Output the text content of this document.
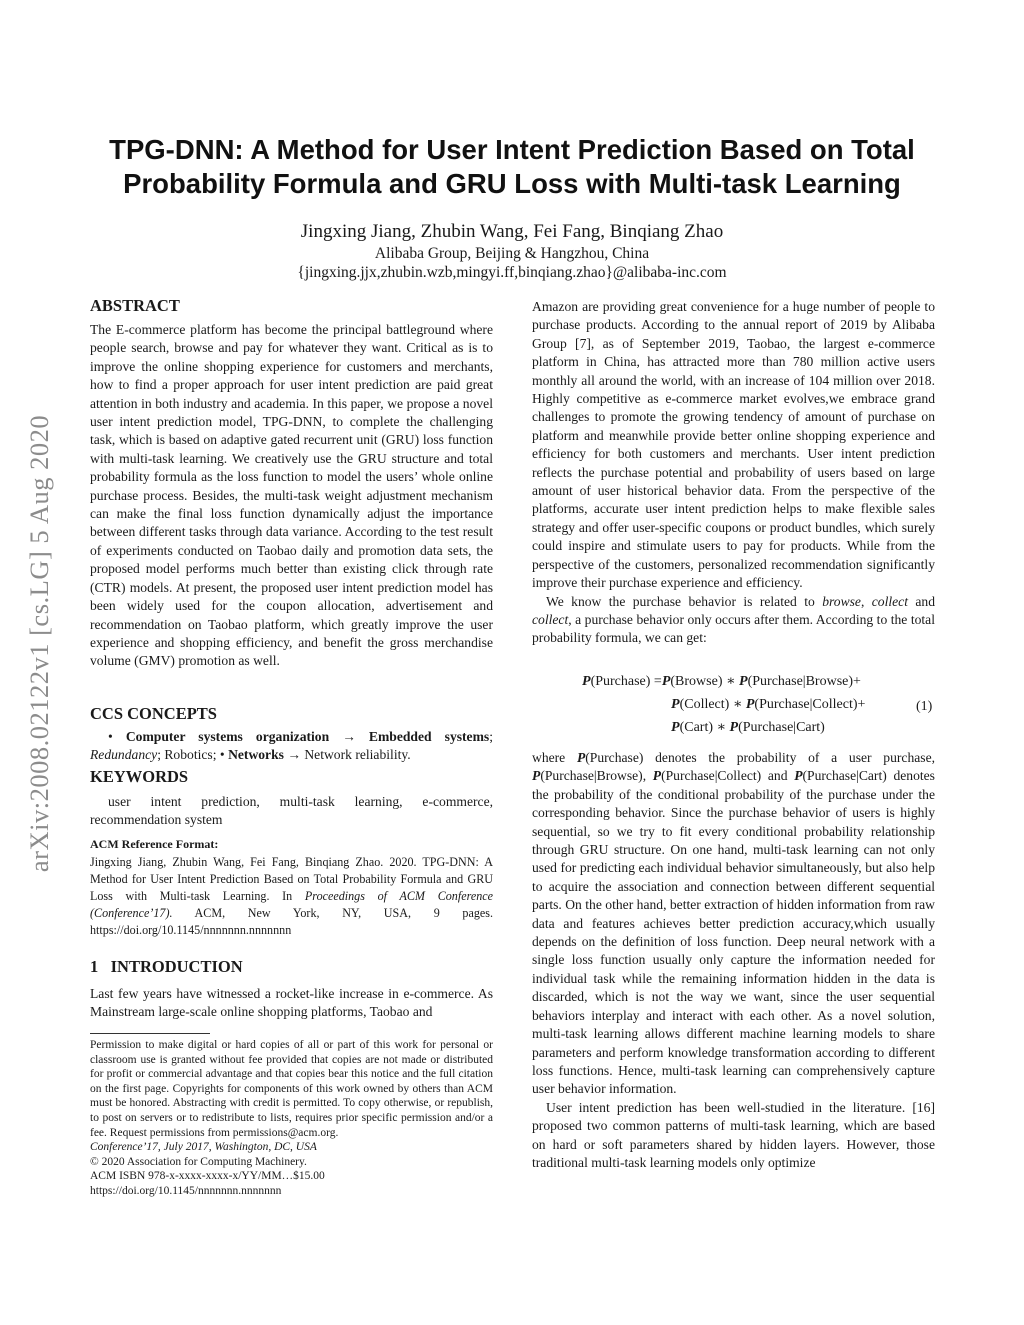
arXiv:2008.02122v1 [cs.LG] 5 Aug 2020
TPG-DNN: A Method for User Intent Prediction Based on Total Probability Formula and GRU Loss with Multi-task Learning
Jingxing Jiang, Zhubin Wang, Fei Fang, Binqiang Zhao
Alibaba Group, Beijing & Hangzhou, China
{jingxing.jjx,zhubin.wzb,mingyi.ff,binqiang.zhao}@alibaba-inc.com
ABSTRACT

The E-commerce platform has become the principal battleground where people search, browse and pay for whatever they want. Critical as is to improve the online shopping experience for customers and merchants, how to find a proper approach for user intent prediction are paid great attention in both industry and academia. In this paper, we propose a novel user intent prediction model, TPG-DNN, to complete the challenging task, which is based on adaptive gated recurrent unit (GRU) loss function with multi-task learning. We creatively use the GRU structure and total probability formula as the loss function to model the users’ whole online purchase process. Besides, the multi-task weight adjustment mechanism can make the final loss function dynamically adjust the importance between different tasks through data variance. According to the test result of experiments conducted on Taobao daily and promotion data sets, the proposed model performs much better than existing click through rate (CTR) models. At present, the proposed user intent prediction model has been widely used for the coupon allocation, advertisement and recommendation on Taobao platform, which greatly improve the user experience and shopping efficiency, and benefit the gross merchandise volume (GMV) promotion as well.

CCS CONCEPTS

• Computer systems organization → Embedded systems; Redundancy; Robotics; • Networks → Network reliability.

KEYWORDS

user intent prediction, multi-task learning, e-commerce, recommendation system

ACM Reference Format:

Jingxing Jiang, Zhubin Wang, Fei Fang, Binqiang Zhao. 2020. TPG-DNN: A Method for User Intent Prediction Based on Total Probability Formula and GRU Loss with Multi-task Learning. In Proceedings of ACM Conference (Conference’17). ACM, New York, NY, USA, 9 pages. https://doi.org/10.1145/nnnnnnn.nnnnnnn

1 INTRODUCTION

Last few years have witnessed a rocket-like increase in e-commerce. As Mainstream large-scale online shopping platforms, Taobao and

Permission to make digital or hard copies of all or part of this work for personal or classroom use is granted without fee provided that copies are not made or distributed for profit or commercial advantage and that copies bear this notice and the full citation on the first page. Copyrights for components of this work owned by others than ACM must be honored. Abstracting with credit is permitted. To copy otherwise, or republish, to post on servers or to redistribute to lists, requires prior specific permission and/or a fee. Request permissions from permissions@acm.org.

Conference’17, July 2017, Washington, DC, USA

© 2020 Association for Computing Machinery.

ACM ISBN 978-x-xxxx-xxxx-x/YY/MM…$15.00

https://doi.org/10.1145/nnnnnnn.nnnnnnn

Amazon are providing great convenience for a huge number of people to purchase products. According to the annual report of 2019 by Alibaba Group [7], as of September 2019, Taobao, the largest e-commerce platform in China, has attracted more than 780 million active users monthly all around the world, with an increase of 104 million over 2018. Highly competitive as e-commerce market evolves,we embrace grand challenges to promote the growing tendency of amount of purchase on platform and meanwhile provide better online shopping experience and efficiency for both customers and merchants. User intent prediction reflects the purchase potential and probability of users based on large amount of user historical behavior data. From the perspective of the platforms, accurate user intent prediction helps to make flexible sales strategy and offer user-specific coupons or product bundles, which surely could inspire and stimulate users to pay for products. While from the perspective of the customers, personalized recommendation significantly improve their purchase experience and efficiency.

We know the purchase behavior is related to browse, collect and collect, a purchase behavior only occurs after them. According to the total probability formula, we can get:

P(Purchase) =P(Browse) ∗ P(Purchase|Browse)+
P(Collect) ∗ P(Purchase|Collect)+	(1)
P(Cart) ∗ P(Purchase|Cart)

where P(Purchase) denotes the probability of a user purchase, P(Purchase|Browse), P(Purchase|Collect) and P(Purchase|Cart) denotes the probability of the conditional probability of the purchase under the corresponding behavior. Since the purchase behavior of users is highly sequential, so we try to fit every conditional probability relationship through GRU structure. On one hand, multi-task learning can not only used for predicting each individual behavior simultaneously, but also help to acquire the association and connection between different sequential parts. On the other hand, better extraction of hidden information from raw data and features achieves better prediction accuracy,which usually depends on the definition of loss function. Deep neural network with a single loss function usually only capture the information needed for individual task while the remaining information hidden in the data is discarded, which is not the way we want, since the user sequential behaviors interplay and interact with each other. As a novel solution, multi-task learning allows different machine learning models to share parameters and perform knowledge transformation according to different loss functions. Hence, multi-task learning can comprehensively capture user behavior information.

User intent prediction has been well-studied in the literature. [16] proposed two common patterns of multi-task learning, which are based on hard or soft parameters shared by hidden layers. However, those traditional multi-task learning models only optimize
